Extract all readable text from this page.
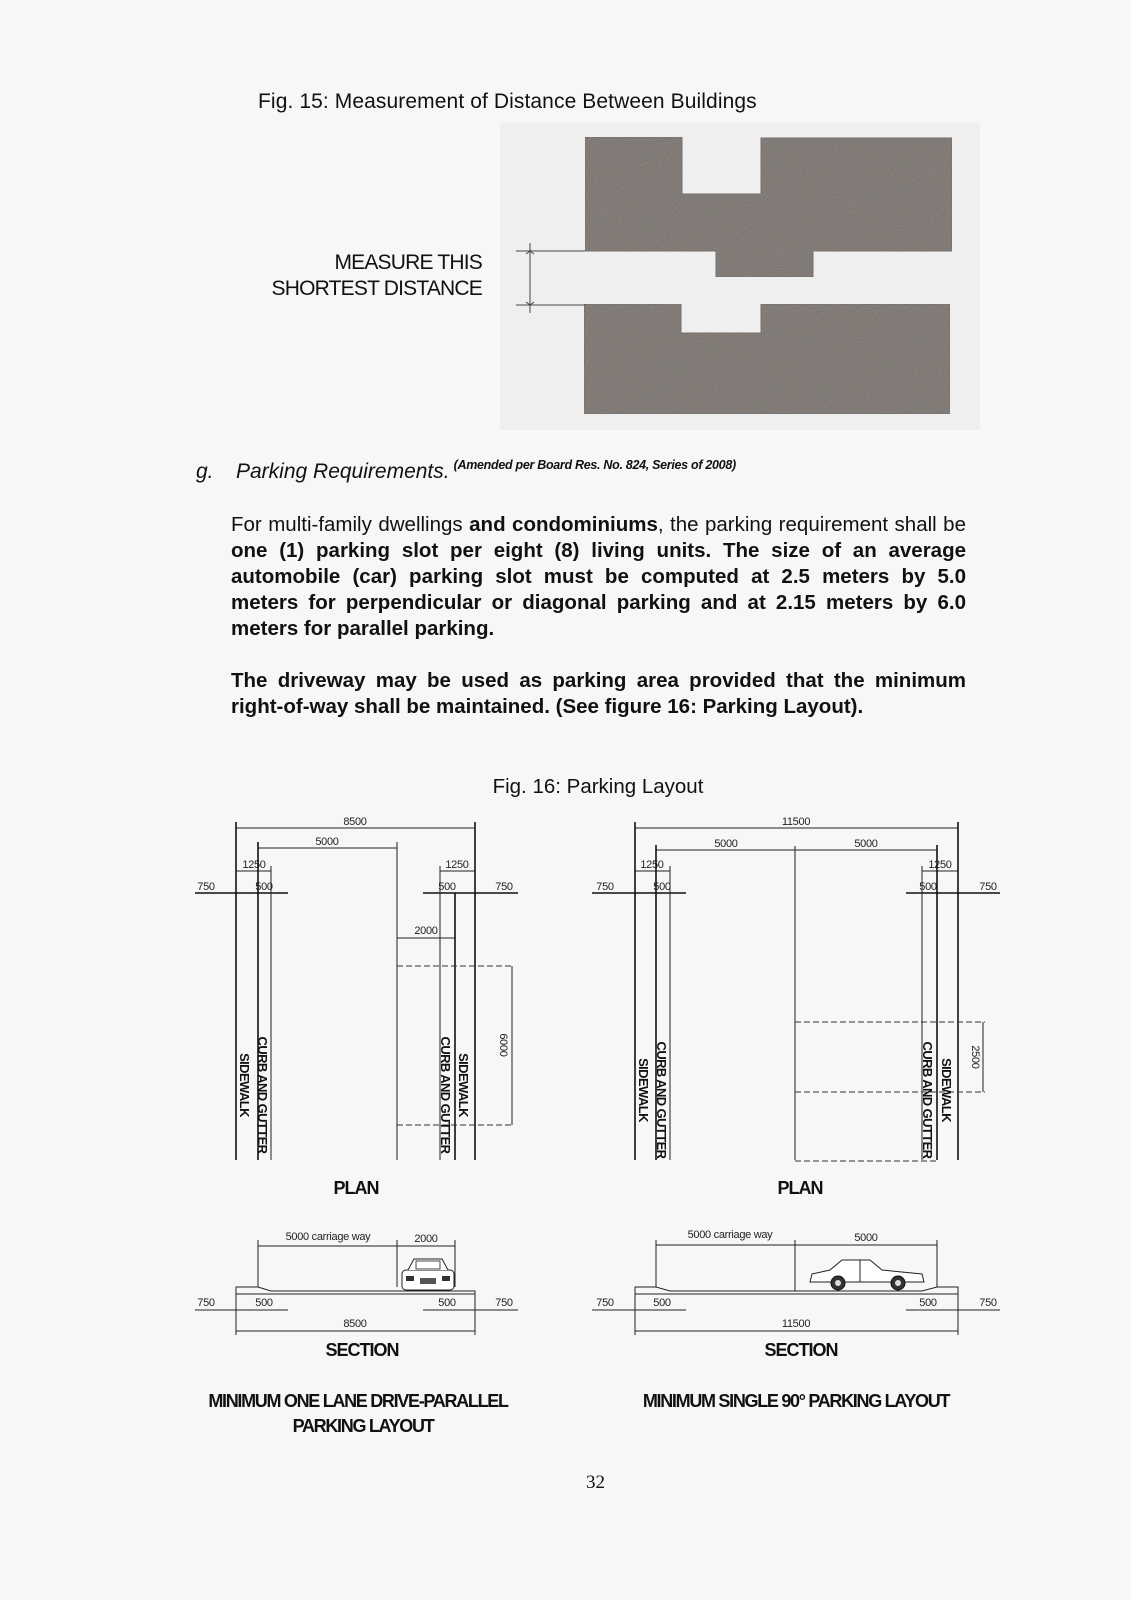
Fig. 15: Measurement of Distance Between Buildings
MEASURE THIS
SHORTEST DISTANCE
g. Parking Requirements. $^{(Amended per Board Res. No. 824, Series of 2008)}$
For multi-family dwellings and condominiums, the parking requirement shall be one (1) parking slot per eight (8) living units. The size of an average automobile (car) parking slot must be computed at 2.5 meters by 5.0 meters for perpendicular or diagonal parking and at 2.15 meters by 6.0 meters for parallel parking.
The driveway may be used as parking area provided that the minimum right-of-way shall be maintained. (See figure 16: Parking Layout).
Fig. 16: Parking Layout
8500
5000
1250	1250
750	500	500	750
2000
6000
SIDEWALK CURB AND GUTTER	CURB AND GUTTER SIDEWALK
PLAN
11500
5000	5000
1250	1250
750	500	500	750
2500
SIDEWALK CURB AND GUTTER	CURB AND GUTTER SIDEWALK
PLAN
5000 carriage way	2000
750	500	500	750
8500
SECTION
5000 carriage way	5000
750	500	500	750
11500
SECTION
MINIMUM ONE LANE DRIVE-PARALLEL
PARKING LAYOUT
MINIMUM SINGLE 90° PARKING LAYOUT
32
